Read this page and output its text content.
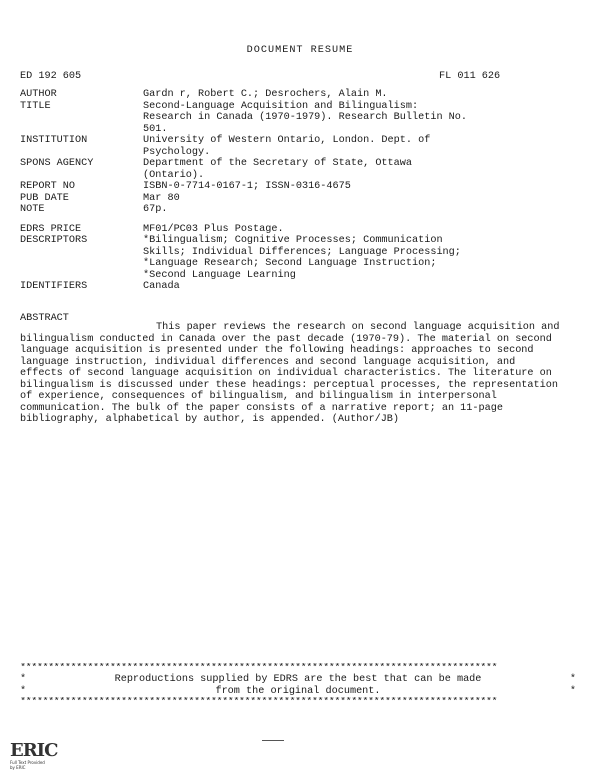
DOCUMENT RESUME
ED 192 605	FL 011 626
AUTHOR	Gardn r, Robert C.; Desrochers, Alain M.
TITLE	Second-Language Acquisition and Bilingualism:
Research in Canada (1970-1979). Research Bulletin No.
501.
INSTITUTION	University of Western Ontario, London. Dept. of
Psychology.
SPONS AGENCY	Department of the Secretary of State, Ottawa
(Ontario).
REPORT NO	ISBN-0-7714-0167-1; ISSN-0316-4675
PUB DATE	Mar 80
NOTE	67p.
EDRS PRICE	MF01/PC03 Plus Postage.
DESCRIPTORS	*Bilingualism; Cognitive Processes; Communication
Skills; Individual Differences; Language Processing;
*Language Research; Second Language Instruction;
*Second Language Learning
IDENTIFIERS	Canada
ABSTRACT
This paper reviews the research on second language acquisition and bilingualism conducted in Canada over the past decade (1970-79). The material on second language acquisition is presented under the following headings: approaches to second language instruction, individual differences and second language acquisition, and effects of second language acquisition on individual characteristics. The literature on bilingualism is discussed under these headings: perceptual processes, the representation of experience, consequences of bilingualism, and bilingualism in interpersonal communication. The bulk of the paper consists of a narrative report; an 11-page bibliography, alphabetical by author, is appended. (Author/JB)
*************************************************************************************
*	Reproductions supplied by EDRS are the best that can be made	*
*	from the original document.	*
*************************************************************************************
ERIC
Full Text Provided by ERIC
